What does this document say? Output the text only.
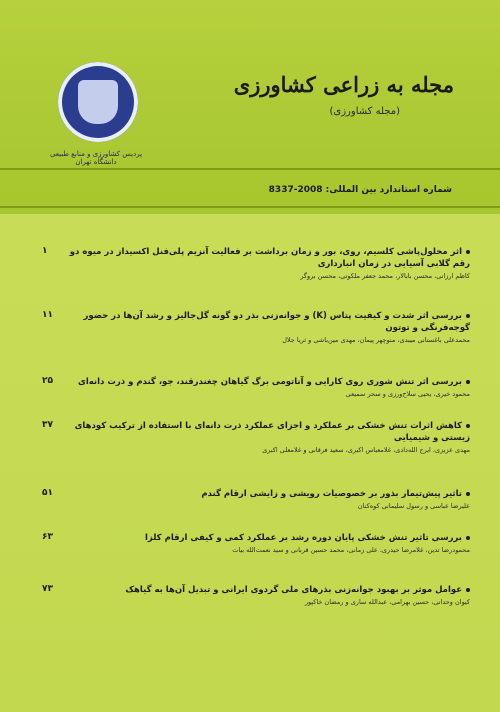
پردیس کشاورزی و منابع طبیعی دانشگاه تهران
مجله به زراعی کشاورزی
(مجله کشاورزی)
شماره استاندارد بین المللی: 2008-8337
۱	اثر محلول‌پاشی کلسیم، روی، بور و زمان برداشت بر فعالیت آنزیم پلی‌فنل اکسیداز در میوه دو رقم گلابی آسیایی در زمان انبارداری
کاظم ارزانی، محسن بابالار، محمد جعفر ملکوتی، محسن بروگر
۱۱	بررسی اثر شدت و کیفیت پتاس (K) و جوانه‌زنی بذر دو گونه گل‌جالیز و رشد آن‌ها در حضور گوجه‌فرنگی و توتون
محمدعلی باغستانی میبدی، منوچهر پیمان، مهدی مین‌باشی و ثریا جلال
۲۵	بررسی اثر تنش شوری روی کارایی و آناتومی برگ گیاهان چغندرقند، جو، گندم و ذرت دانه‌ای
محمود خیری، یحیی سلاح‌ورزی و سحر سمیعی
۳۷	کاهش اثرات تنش خشکی بر عملکرد و اجزای عملکرد ذرت دانه‌ای با استفاده از ترکیب کودهای زیستی و شیمیایی
مهدی عزیزی، ایرج الله‌دادی، غلامعباس اکبری، سعید فرقانی و غلامعلی اکبری
۵۱	تاثیر پیش‌تیمار بذور بر خصوصیات رویشی و زایشی ارقام گندم
علیرضا عباسی و رسول سلیمانی کوه‌کنان
۶۳	بررسی تاثیر تنش خشکی پایان دوره رشد بر عملکرد کمی و کیفی ارقام کلزا
محمودرضا تدین، غلامرضا حیدری، علی زمانی، محمد حسین قربانی و سید نعمت‌الله بیات
۷۳	عوامل موثر بر بهبود جوانه‌زنی بذرهای ملی گردوی ایرانی و تبدیل آن‌ها به گیاهک
کیوان وحدانی، حسین بهرامی، عبدالله ساری و رمضان خاکپور
